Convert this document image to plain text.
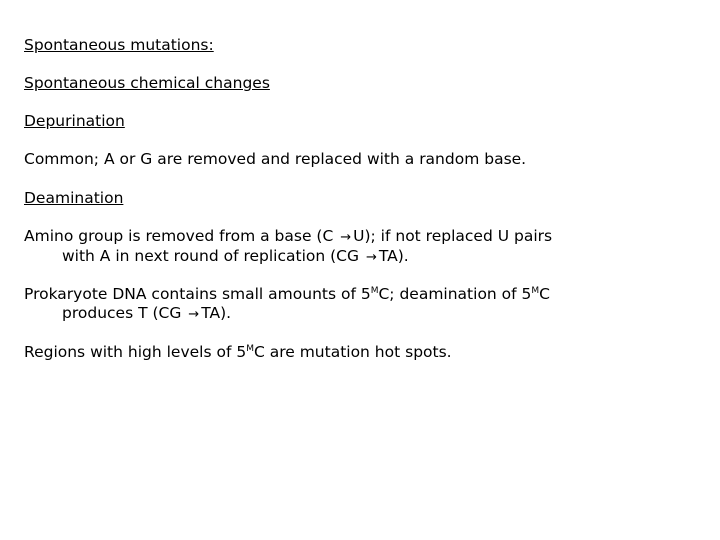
Spontaneous mutations:
Spontaneous chemical changes
Depurination
Common; A or G are removed and replaced with a random base.
Deamination
Amino group is removed from a base (C → U); if not replaced U pairs
with A in next round of replication (CG → TA).
Prokaryote DNA contains small amounts of $5^MC$; deamination of $5^MC$
produces T (CG → TA).
Regions with high levels of $5^MC$ are mutation hot spots.
